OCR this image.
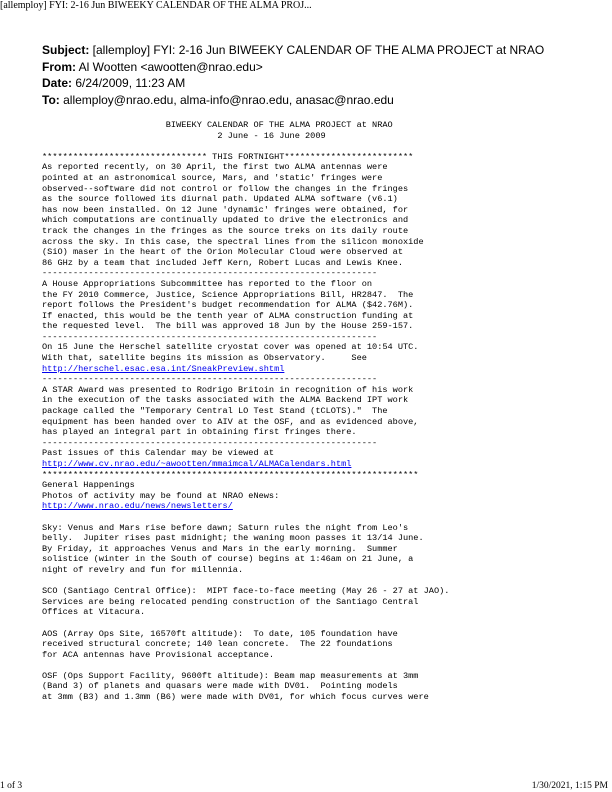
[allemploy] FYI: 2-16 Jun BIWEEKY CALENDAR OF THE ALMA PROJ...
Subject: [allemploy] FYI: 2-16 Jun BIWEEKY CALENDAR OF THE ALMA PROJECT at NRAO
From: Al Wootten <awootten@nrao.edu>
Date: 6/24/2009, 11:23 AM
To: allemploy@nrao.edu, alma-info@nrao.edu, anasac@nrao.edu
BIWEEKY CALENDAR OF THE ALMA PROJECT at NRAO
2 June - 16 June 2009

******************************** THIS FORTNIGHT*************************
As reported recently, on 30 April, the first two ALMA antennas were
pointed at an astronomical source, Mars, and 'static' fringes were
observed--software did not control or follow the changes in the fringes
as the source followed its diurnal path. Updated ALMA software (v6.1)
has now been installed. On 12 June 'dynamic' fringes were obtained, for
which computations are continually updated to drive the electronics and
track the changes in the fringes as the source treks on its daily route
across the sky. In this case, the spectral lines from the silicon monoxide
(SiO) maser in the heart of the Orion Molecular Cloud were observed at
86 GHz by a team that included Jeff Kern, Robert Lucas and Lewis Knee.
-----------------------------------------------------------------
A House Appropriations Subcommittee has reported to the floor on
the FY 2010 Commerce, Justice, Science Appropriations Bill, HR2847.  The
report follows the President's budget recommendation for ALMA ($42.76M).
If enacted, this would be the tenth year of ALMA construction funding at
the requested level.  The bill was approved 18 Jun by the House 259-157.
-----------------------------------------------------------------
On 15 June the Herschel satellite cryostat cover was opened at 10:54 UTC.
With that, satellite begins its mission as Observatory.     See
http://herschel.esac.esa.int/SneakPreview.shtml
-----------------------------------------------------------------
A STAR Award was presented to Rodrigo Britoin in recognition of his work
in the execution of the tasks associated with the ALMA Backend IPT work
package called the "Temporary Central LO Test Stand (tCLOTS)."  The
equipment has been handed over to AIV at the OSF, and as evidenced above,
has played an integral part in obtaining first fringes there.
-----------------------------------------------------------------
Past issues of this Calendar may be viewed at
http://www.cv.nrao.edu/~awootten/mmaimcal/ALMACalendars.html
*************************************************************************
General Happenings
Photos of activity may be found at NRAO eNews:
http://www.nrao.edu/news/newsletters/

Sky: Venus and Mars rise before dawn; Saturn rules the night from Leo's
belly.  Jupiter rises past midnight; the waning moon passes it 13/14 June.
By Friday, it approaches Venus and Mars in the early morning.  Summer
solistice (winter in the South of course) begins at 1:46am on 21 June, a
night of revelry and fun for millennia.

SCO (Santiago Central Office):  MIPT face-to-face meeting (May 26 - 27 at JAO).
Services are being relocated pending construction of the Santiago Central
Offices at Vitacura.

AOS (Array Ops Site, 16570ft altitude):  To date, 105 foundation have
received structural concrete; 140 lean concrete.  The 22 foundations
for ACA antennas have Provisional acceptance.

OSF (Ops Support Facility, 9600ft altitude): Beam map measurements at 3mm
(Band 3) of planets and quasars were made with DV01.  Pointing models
at 3mm (B3) and 1.3mm (B6) were made with DV01, for which focus curves were
1 of 3	1/30/2021, 1:15 PM
